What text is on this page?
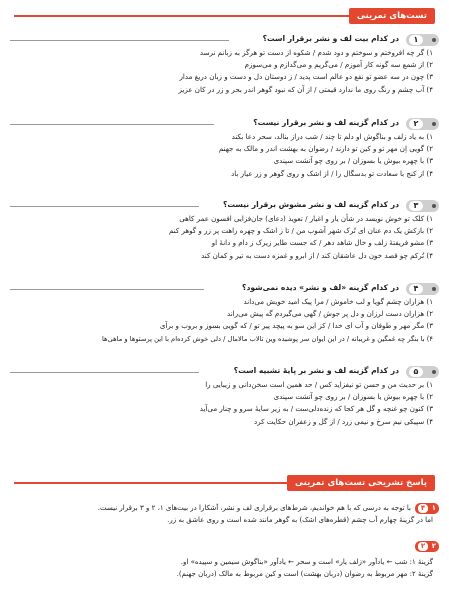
تست‌های تمرینی
۱
در کدام بیت لف و نشر برقرار است؟
۱) گر چه افروختم و سوختم و دود شدم / شکوه از دست تو هرگز به زبانم نرسد
۲) از شمع سه گونه کار آموزم / می‌گریم و می‌گدازم و می‌سوزم
۳) چون در سه عضو تو نفع دو عالم است پدید / ز دوستان دل و دست و زبان دریغ مدار
۴) آب چشم و رنگ روی ما ندارد قیمتی / از آن که نبود گوهر اندر بحر و زر در کان عزیز
۲
در کدام گزینه لف و نشر برقرار نیست؟
۱) به یاد زلف و بناگوش او دلم تا چند / شب دراز بنالد، سحر دعا بکند
۲) گویی اِن مهر تو و کین تو دارند / رضوان به بهشت اندر و مالک به جهنم
۳) با چهره بیوش یا بسوزان / بر روی چو آتشت سپندی
۴) از کنج با سعادت تو بدسگال را / از اشک و روی گوهر و زر عیار باد
۳
در کدام گزینه لف و نشر مشوش برقرار نیست؟
۱) کلک تو خوش نویسد در شأن یار و اغیار / تعویذ (دعای) جان‌فزایی افسون عمر کاهی
۲) بازکش یک دم عنان ای تُرک شهر آشوب من / تا ز اشک و چهره راهت پر زر و گوهر کنم
۳) مشو فریفتهٔ زلف و خال شاهد دهر / که جست طایر زیرک ز دام و دانهٔ او
۴) تُرکم چو قصد خون دل عاشقان کند / از ابرو و غمزه دست به تیر و کمان کند
۴
در کدام گزینه «لف و نشر» دیده نمی‌شود؟
۱) هزاران چشم گویا و لب خاموش / مرا پیک امید خویش می‌داند
۲) هزاران دست لرزان و دل پر جوش / گهی می‌گیردم گه پیش می‌راند
۳) مگر مهر و طوفان و آب ای خدا / کز این سو به پیچد پیر تو / که گویی بسوز و بروب و برآی
۴) با بنگر چه غمگین و غریبانه / در این ایوان سر پوشیده وین تالاب مالامال / دلی خوش کرده‌ام با این پرستوها و ماهی‌ها
۵
در کدام گزینه لف و نشر بر پایهٔ تشبیه است؟
۱) بر حدیث من و حسن تو نیفزاید کس / حد همین است سخن‌دانی و زیبایی را
۲) با چهره بیوش یا بسوزان / بر روی چو آتشت سپندی
۳) کنون چو غنچه و گل هر کجا که زنده‌دلی‌ست / به زیر سایهٔ سرو و چنار می‌آید
۴) سپیکی نیم سرخ و نیمی زرد / از گل و زعفران حکایت کرد
پاسخ تشریحی تست‌های تمرینی
۱
۴
با توجه به درسی که با هم خواندیم، شرط‌های برقراری لف و نشر، آشکارا در بیت‌های ۱، ۲ و ۳ برقرار نیست.
اما در گزینهٔ چهارم آب چشم (قطره‌های اشک) به گوهر مانند شده است و روی عاشق به زر.
۲
۲
گزینهٔ ۱: شب ← یادآور «زلف یار» است و سحر ← یادآور «بناگوش سیمین و سپیده» او.
گزینهٔ ۲: مهر مربوط به رضوان (دربان بهشت) است و کین مربوط به مالک (دربان جهنم).
